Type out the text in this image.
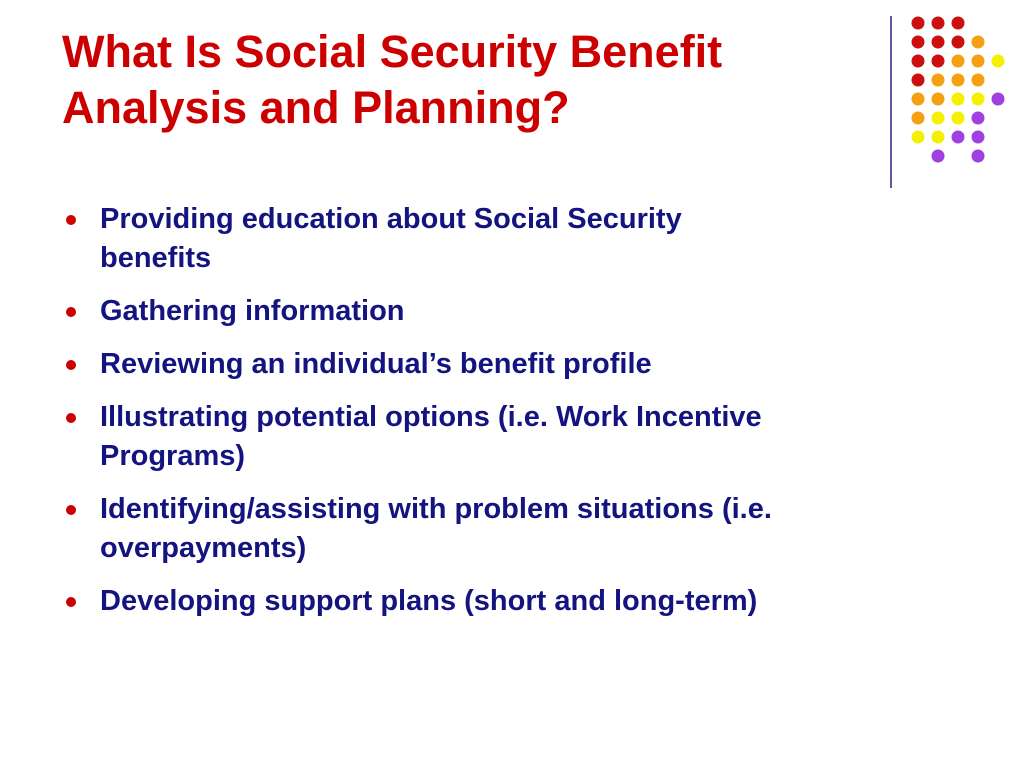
What Is Social Security Benefit
Analysis and Planning?
Providing education about Social Security
benefits
Gathering information
Reviewing an individual’s benefit profile
Illustrating potential options (i.e. Work Incentive
Programs)
Identifying/assisting with problem situations (i.e.
overpayments)
Developing support plans (short and long-term)
